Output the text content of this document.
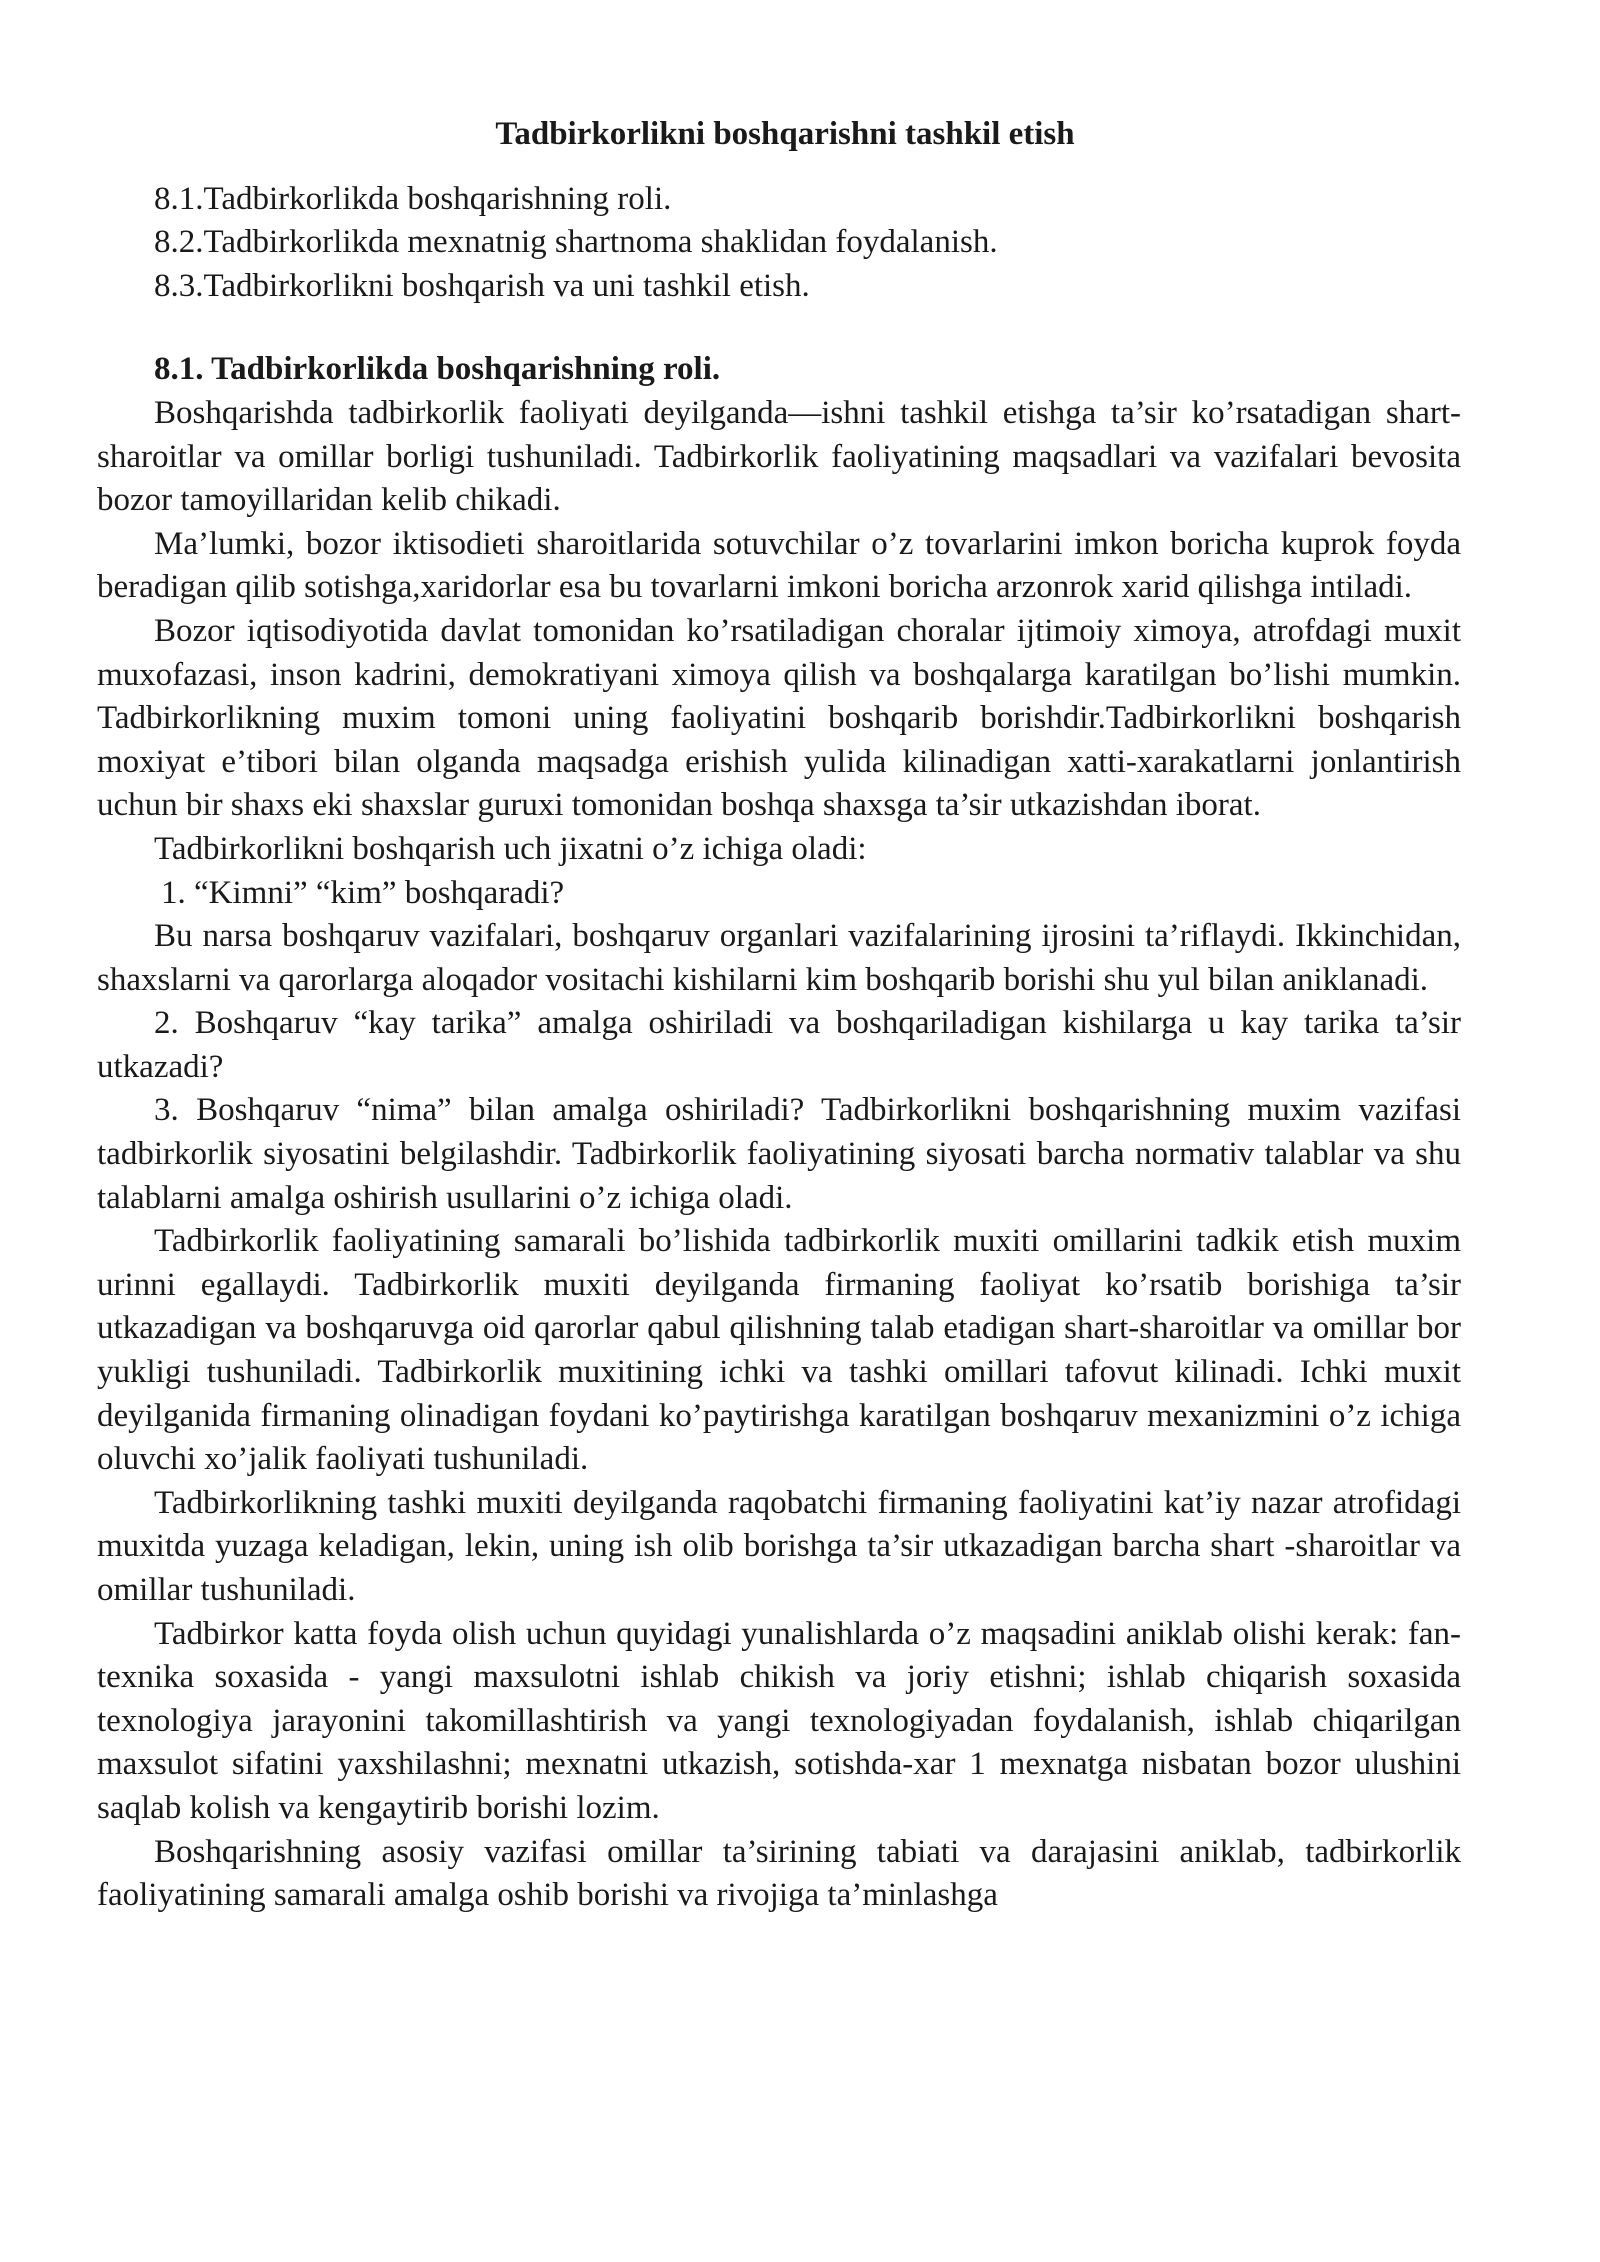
Tadbirkorlikni boshqarishni tashkil etish
8.1.Tadbirkorlikda boshqarishning roli.
8.2.Tadbirkorlikda mexnatnig shartnoma shaklidan foydalanish.
8.3.Tadbirkorlikni boshqarish va uni tashkil etish.
8.1. Tadbirkorlikda boshqarishning roli.

Boshqarishda tadbirkorlik faoliyati deyilganda—ishni tashkil etishga ta’sir ko’rsatadigan shart-sharoitlar va omillar borligi tushuniladi. Tadbirkorlik faoliyatining maqsadlari va vazifalari bevosita bozor tamoyillaridan kelib chikadi.

Ma’lumki, bozor iktisodieti sharoitlarida sotuvchilar o’z tovarlarini imkon boricha kuprok foyda beradigan qilib sotishga,xaridorlar esa bu tovarlarni imkoni boricha arzonrok xarid qilishga intiladi.

Bozor iqtisodiyotida davlat tomonidan ko’rsatiladigan choralar ijtimoiy ximoya, atrofdagi muxit muxofazasi, inson kadrini, demokratiyani ximoya qilish va boshqalarga karatilgan bo’lishi mumkin. Tadbirkorlikning muxim tomoni uning faoliyatini boshqarib borishdir.Tadbirkorlikni boshqarish moxiyat e’tibori bilan olganda maqsadga erishish yulida kilinadigan xatti-xarakatlarni jonlantirish uchun bir shaxs eki shaxslar guruxi tomonidan boshqa shaxsga ta’sir utkazishdan iborat.

Tadbirkorlikni boshqarish uch jixatni o’z ichiga oladi:

1. “Kimni” “kim” boshqaradi?

Bu narsa boshqaruv vazifalari, boshqaruv organlari vazifalarining ijrosini ta’riflaydi. Ikkinchidan, shaxslarni va qarorlarga aloqador vositachi kishilarni kim boshqarib borishi shu yul bilan aniklanadi.

2. Boshqaruv “kay tarika” amalga oshiriladi va boshqariladigan kishilarga u kay tarika ta’sir utkazadi?

3. Boshqaruv “nima” bilan amalga oshiriladi? Tadbirkorlikni boshqarishning muxim vazifasi tadbirkorlik siyosatini belgilashdir. Tadbirkorlik faoliyatining siyosati barcha normativ talablar va shu talablarni amalga oshirish usullarini o’z ichiga oladi.

Tadbirkorlik faoliyatining samarali bo’lishida tadbirkorlik muxiti omillarini tadkik etish muxim urinni egallaydi. Tadbirkorlik muxiti deyilganda firmaning faoliyat ko’rsatib borishiga ta’sir utkazadigan va boshqaruvga oid qarorlar qabul qilishning talab etadigan shart-sharoitlar va omillar bor yukligi tushuniladi. Tadbirkorlik muxitining ichki va tashki omillari tafovut kilinadi. Ichki muxit deyilganida firmaning olinadigan foydani ko’paytirishga karatilgan boshqaruv mexanizmini o’z ichiga oluvchi xo’jalik faoliyati tushuniladi.

Tadbirkorlikning tashki muxiti deyilganda raqobatchi firmaning faoliyatini kat’iy nazar atrofidagi muxitda yuzaga keladigan, lekin, uning ish olib borishga ta’sir utkazadigan barcha shart -sharoitlar va omillar tushuniladi.

Tadbirkor katta foyda olish uchun quyidagi yunalishlarda o’z maqsadini aniklab olishi kerak: fan-texnika soxasida - yangi maxsulotni ishlab chikish va joriy etishni; ishlab chiqarish soxasida texnologiya jarayonini takomillashtirish va yangi texnologiyadan foydalanish, ishlab chiqarilgan maxsulot sifatini yaxshilashni; mexnatni utkazish, sotishda-xar 1 mexnatga nisbatan bozor ulushini saqlab kolish va kengaytirib borishi lozim.

Boshqarishning asosiy vazifasi omillar ta’sirining tabiati va darajasini aniklab, tadbirkorlik faoliyatining samarali amalga oshib borishi va rivojiga ta’minlashga
